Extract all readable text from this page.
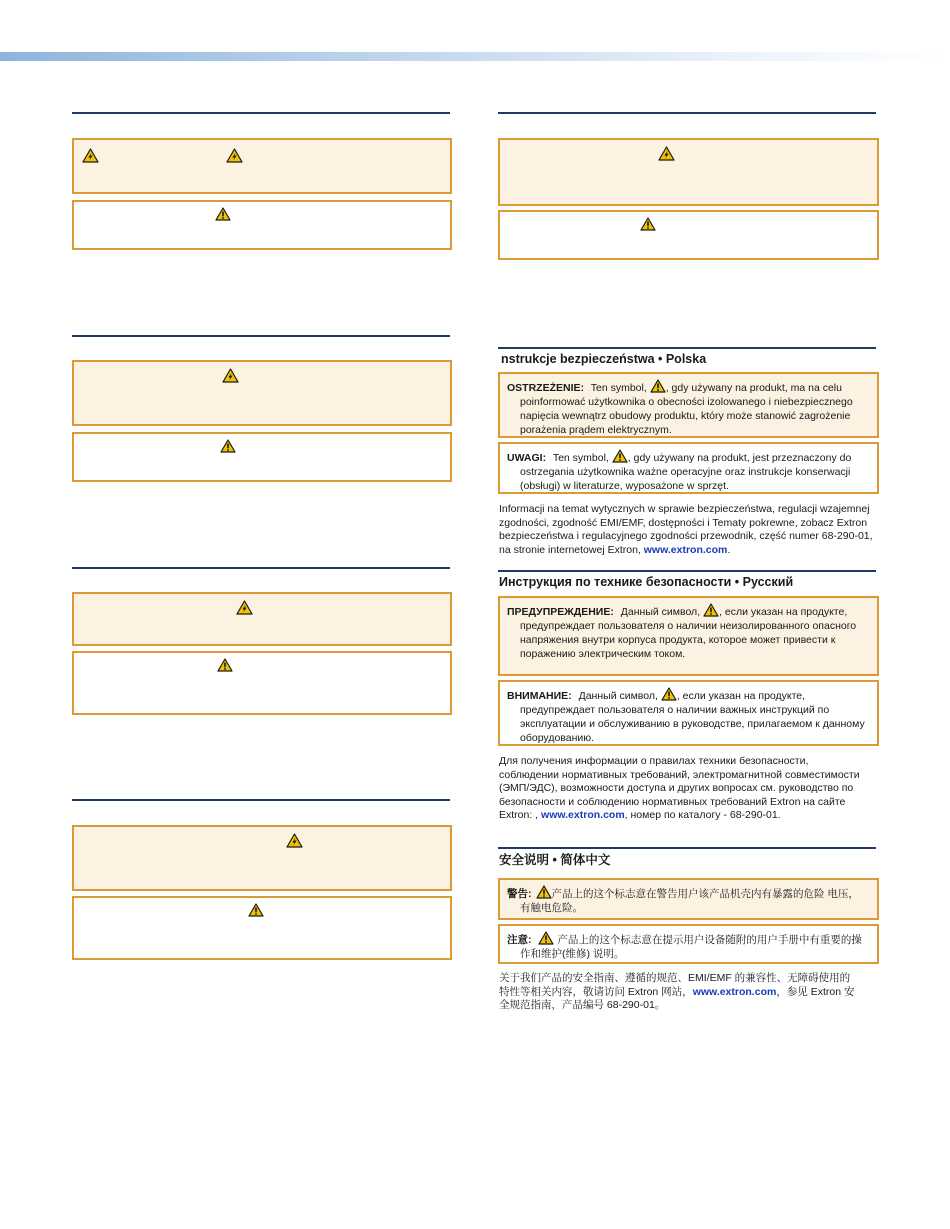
nstrukcje bezpieczeństwa • Polska

OSTRZEŻENIE: Ten symbol, , gdy używany na produkt, ma na celu poinformować użytkownika o obecności izolowanego i niebezpiecznego napięcia wewnątrz obudowy produktu, który może stanowić zagrożenie porażenia prądem elektrycznym.

UWAGI: Ten symbol, , gdy używany na produkt, jest przeznaczony do ostrzegania użytkownika ważne operacyjne oraz instrukcje konserwacji (obsługi) w literaturze, wyposażone w sprzęt.

Informacji na temat wytycznych w sprawie bezpieczeństwa, regulacji wzajemnej zgodności, zgodność EMI/EMF, dostępności i Tematy pokrewne, zobacz Extron bezpieczeństwa i regulacyjnego zgodności przewodnik, część numer 68-290-01, na stronie internetowej Extron, www.extron.com.

Инструкция по технике безопасности • Русский

ПРЕДУПРЕЖДЕНИЕ: Данный символ, , если указан на продукте, предупреждает пользователя о наличии неизолированного опасного напряжения внутри корпуса продукта, которое может привести к поражению электрическим током.

ВНИМАНИЕ: Данный символ, , если указан на продукте, предупреждает пользователя о наличии важных инструкций по эксплуатации и обслуживанию в руководстве, прилагаемом к данному оборудованию.

Для получения информации о правилах техники безопасности, соблюдении нормативных требований, электромагнитной совместимости (ЭМП/ЭДС), возможности доступа и других вопросах см. руководство по безопасности и соблюдению нормативных требований Extron на сайте Extron: , www.extron.com, номер по каталогу - 68-290-01.

安全说明 • 简体中文

警告: 产品上的这个标志意在警告用户该产品机壳内有暴露的危险 电压，有触电危险。

注意: 产品上的这个标志意在提示用户设备随附的用户手册中有重要的操作和维护(维修) 说明。

关于我们产品的安全指南、遵循的规范、EMI/EMF 的兼容性、无障碍使用的特性等相关内容，敬请访问 Extron 网站，www.extron.com，参见 Extron 安全规范指南，产品编号 68-290-01。
